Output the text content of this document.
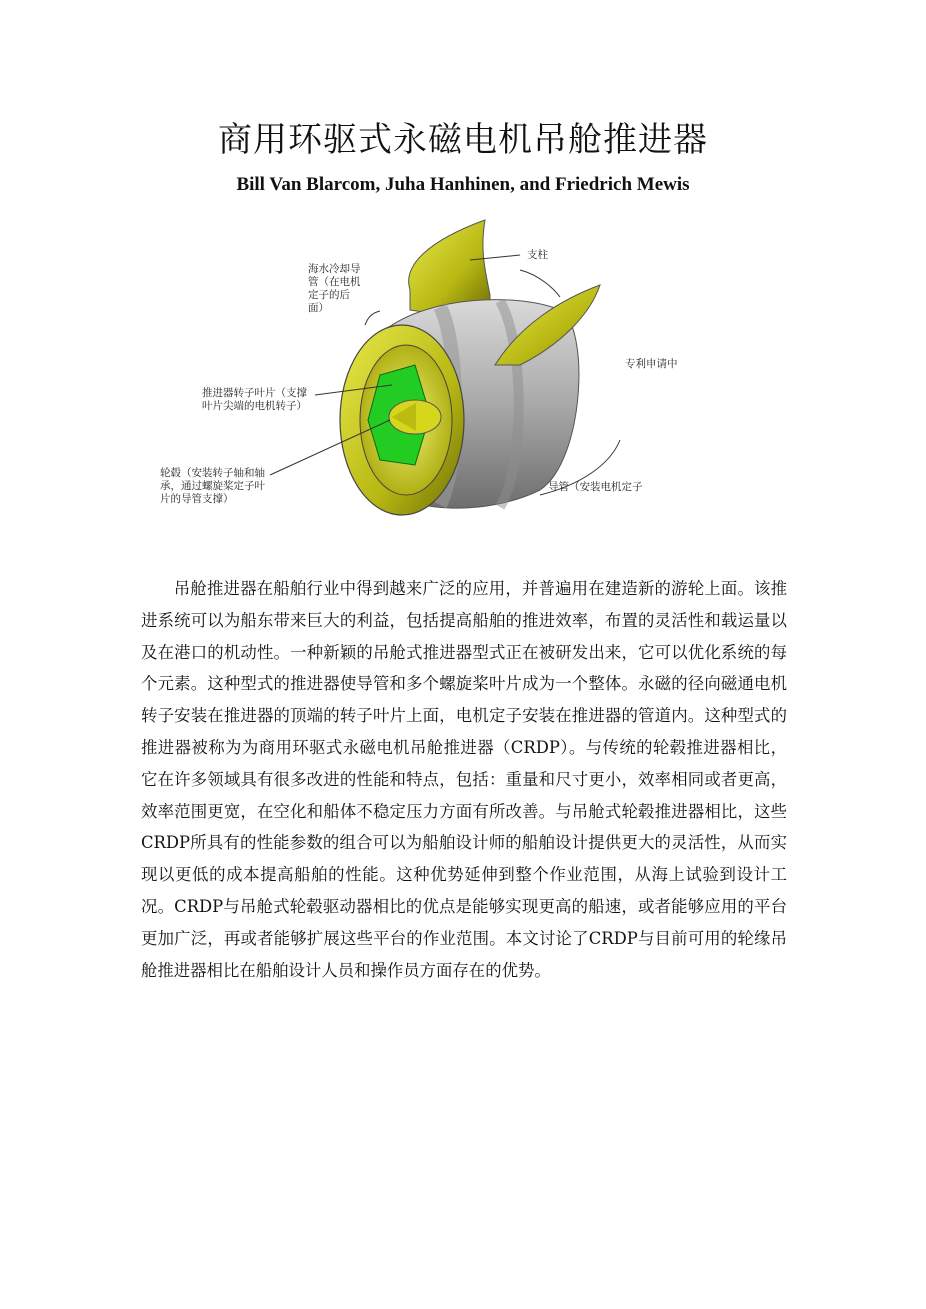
商用环驱式永磁电机吊舱推进器
Bill Van Blarcom, Juha Hanhinen, and Friedrich Mewis
海水冷却导
管（在电机
定子的后
面）
支柱
专利申请中
推进器转子叶片（支撑
叶片尖端的电机转子）
轮毂（安装转子轴和轴
承，通过螺旋桨定子叶
片的导管支撑）
导管（安装电机定子

吊舱推进器在船舶行业中得到越来广泛的应用，并普遍用在建造新的游轮上面。该推进系统可以为船东带来巨大的利益，包括提高船舶的推进效率，布置的灵活性和载运量以及在港口的机动性。一种新颖的吊舱式推进器型式正在被研发出来，它可以优化系统的每个元素。这种型式的推进器使导管和多个螺旋桨叶片成为一个整体。永磁的径向磁通电机转子安装在推进器的顶端的转子叶片上面，电机定子安装在推进器的管道内。这种型式的推进器被称为为商用环驱式永磁电机吊舱推进器（CRDP）。与传统的轮毂推进器相比，它在许多领域具有很多改进的性能和特点，包括：重量和尺寸更小，效率相同或者更高，效率范围更宽，在空化和船体不稳定压力方面有所改善。与吊舱式轮毂推进器相比，这些CRDP所具有的性能参数的组合可以为船舶设计师的船舶设计提供更大的灵活性，从而实现以更低的成本提高船舶的性能。这种优势延伸到整个作业范围，从海上试验到设计工况。CRDP与吊舱式轮毂驱动器相比的优点是能够实现更高的船速，或者能够应用的平台更加广泛，再或者能够扩展这些平台的作业范围。本文讨论了CRDP与目前可用的轮缘吊舱推进器相比在船舶设计人员和操作员方面存在的优势。
